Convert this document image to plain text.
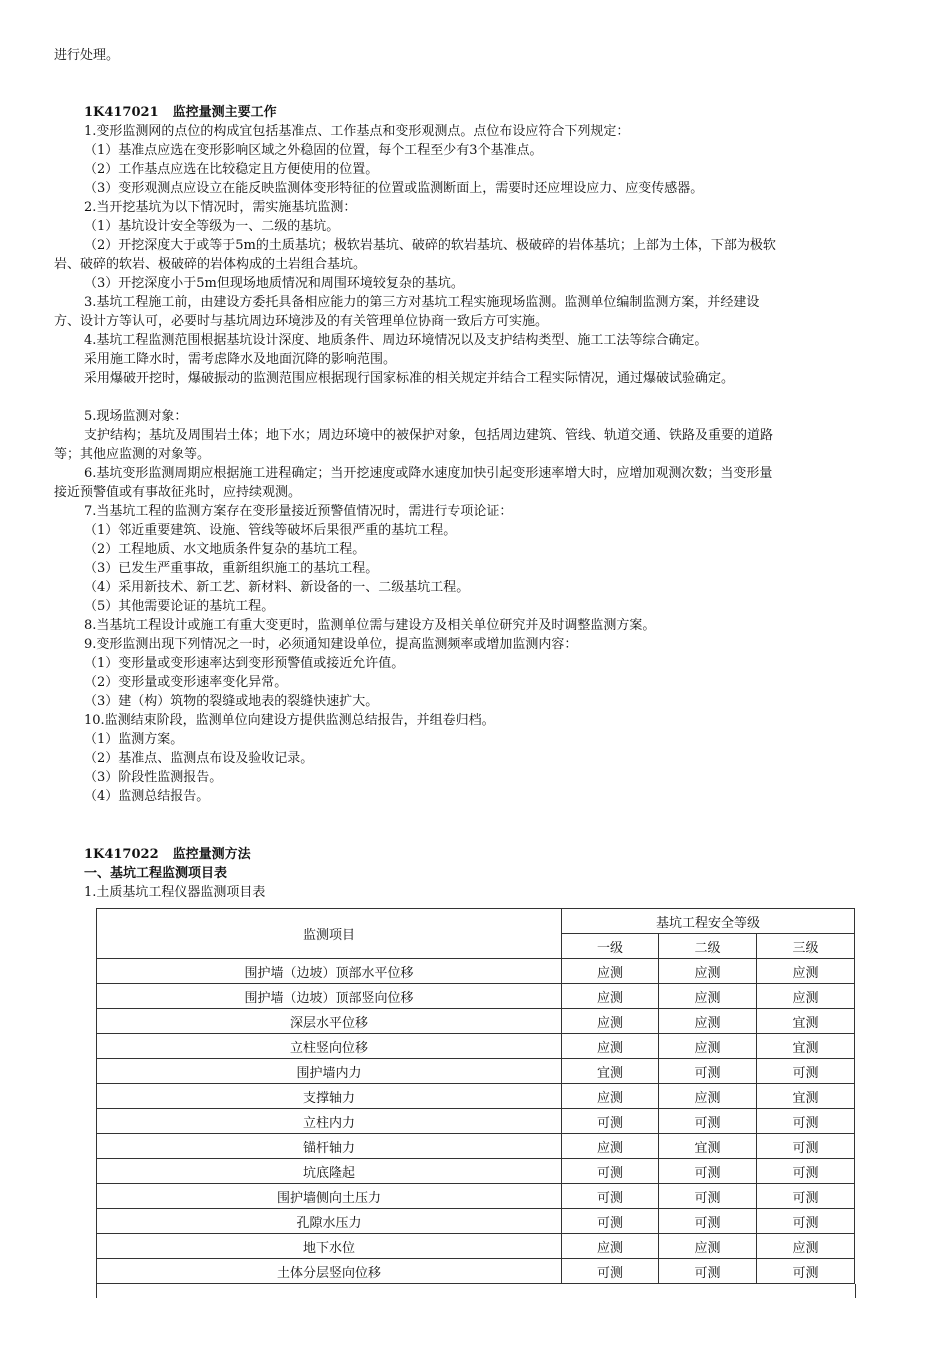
进行处理。
1K417021 监控量测主要工作
1.变形监测网的点位的构成宜包括基准点、工作基点和变形观测点。点位布设应符合下列规定：
（1）基准点应选在变形影响区域之外稳固的位置，每个工程至少有3个基准点。
（2）工作基点应选在比较稳定且方便使用的位置。
（3）变形观测点应设立在能反映监测体变形特征的位置或监测断面上，需要时还应埋设应力、应变传感器。
2.当开挖基坑为以下情况时，需实施基坑监测：
（1）基坑设计安全等级为一、二级的基坑。
（2）开挖深度大于或等于5m的土质基坑；极软岩基坑、破碎的软岩基坑、极破碎的岩体基坑；上部为土体，下部为极软
岩、破碎的软岩、极破碎的岩体构成的土岩组合基坑。
（3）开挖深度小于5m但现场地质情况和周围环境较复杂的基坑。
3.基坑工程施工前，由建设方委托具备相应能力的第三方对基坑工程实施现场监测。监测单位编制监测方案，并经建设
方、设计方等认可，必要时与基坑周边环境涉及的有关管理单位协商一致后方可实施。
4.基坑工程监测范围根据基坑设计深度、地质条件、周边环境情况以及支护结构类型、施工工法等综合确定。
采用施工降水时，需考虑降水及地面沉降的影响范围。
采用爆破开挖时，爆破振动的监测范围应根据现行国家标准的相关规定并结合工程实际情况，通过爆破试验确定。
5.现场监测对象：
支护结构；基坑及周围岩土体；地下水；周边环境中的被保护对象，包括周边建筑、管线、轨道交通、铁路及重要的道路
等；其他应监测的对象等。
6.基坑变形监测周期应根据施工进程确定；当开挖速度或降水速度加快引起变形速率增大时，应增加观测次数；当变形量
接近预警值或有事故征兆时，应持续观测。
7.当基坑工程的监测方案存在变形量接近预警值情况时，需进行专项论证：
（1）邻近重要建筑、设施、管线等破坏后果很严重的基坑工程。
（2）工程地质、水文地质条件复杂的基坑工程。
（3）已发生严重事故，重新组织施工的基坑工程。
（4）采用新技术、新工艺、新材料、新设备的一、二级基坑工程。
（5）其他需要论证的基坑工程。
8.当基坑工程设计或施工有重大变更时，监测单位需与建设方及相关单位研究并及时调整监测方案。
9.变形监测出现下列情况之一时，必须通知建设单位，提高监测频率或增加监测内容：
（1）变形量或变形速率达到变形预警值或接近允许值。
（2）变形量或变形速率变化异常。
（3）建（构）筑物的裂缝或地表的裂缝快速扩大。
10.监测结束阶段，监测单位向建设方提供监测总结报告，并组卷归档。
（1）监测方案。
（2）基准点、监测点布设及验收记录。
（3）阶段性监测报告。
（4）监测总结报告。
1K417022 监控量测方法
一、基坑工程监测项目表
1.土质基坑工程仪器监测项目表
监测项目	基坑工程安全等级		
	一级	二级	三级
围护墙（边坡）顶部水平位移	应测	应测	应测
围护墙（边坡）顶部竖向位移	应测	应测	应测
深层水平位移	应测	应测	宜测
立柱竖向位移	应测	应测	宜测
围护墙内力	宜测	可测	可测
支撑轴力	应测	应测	宜测
立柱内力	可测	可测	可测
锚杆轴力	应测	宜测	可测
坑底隆起	可测	可测	可测
围护墙侧向土压力	可测	可测	可测
孔隙水压力	可测	可测	可测
地下水位	应测	应测	应测
土体分层竖向位移	可测	可测	可测
